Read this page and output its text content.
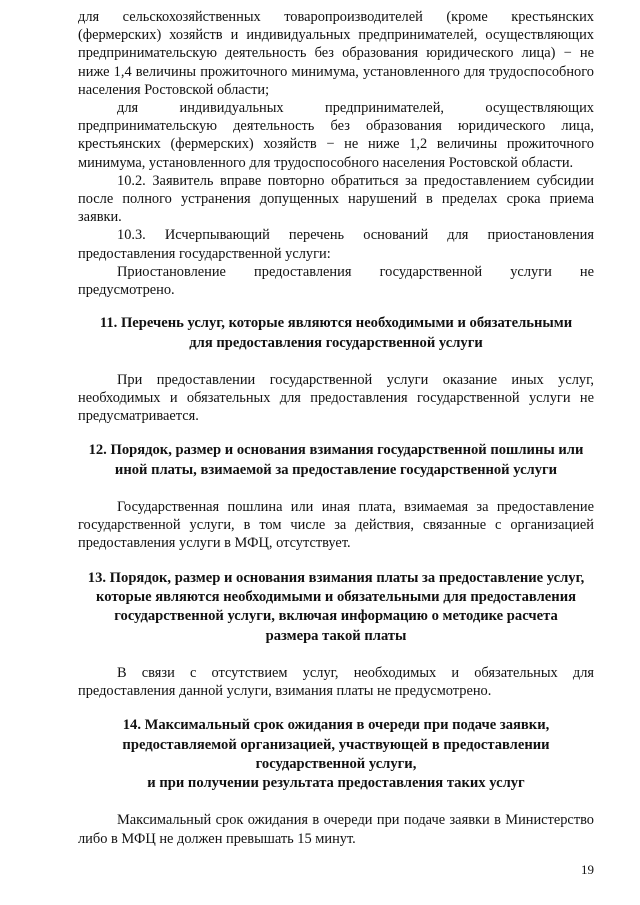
для сельскохозяйственных товаропроизводителей (кроме крестьянских (фермерских) хозяйств и индивидуальных предпринимателей, осуществляющих предпринимательскую деятельность без образования юридического лица) − не ниже 1,4 величины прожиточного минимума, установленного для трудоспособного населения Ростовской области;

для индивидуальных предпринимателей, осуществляющих предпринимательскую деятельность без образования юридического лица, крестьянских (фермерских) хозяйств − не ниже 1,2 величины прожиточного минимума, установленного для трудоспособного населения Ростовской области.

10.2. Заявитель вправе повторно обратиться за предоставлением субсидии после полного устранения допущенных нарушений в пределах срока приема заявки.

10.3. Исчерпывающий перечень оснований для приостановления предоставления государственной услуги:

Приостановление предоставления государственной услуги не предусмотрено.

11. Перечень услуг, которые являются необходимыми и обязательными
для предоставления государственной услуги

При предоставлении государственной услуги оказание иных услуг, необходимых и обязательных для предоставления государственной услуги не предусматривается.

12. Порядок, размер и основания взимания государственной пошлины или
иной платы, взимаемой за предоставление государственной услуги

Государственная пошлина или иная плата, взимаемая за предоставление государственной услуги, в том числе за действия, связанные с организацией предоставления услуги в МФЦ, отсутствует.

13. Порядок, размер и основания взимания платы за предоставление услуг,
которые являются необходимыми и обязательными для предоставления
государственной услуги, включая информацию о методике расчета
размера такой платы

В связи с отсутствием услуг, необходимых и обязательных для предоставления данной услуги, взимания платы не предусмотрено.

14. Максимальный срок ожидания в очереди при подаче заявки,
предоставляемой организацией, участвующей в предоставлении
государственной услуги,
и при получении результата предоставления таких услуг

Максимальный срок ожидания в очереди при подаче заявки в Министерство либо в МФЦ не должен превышать 15 минут.

19
